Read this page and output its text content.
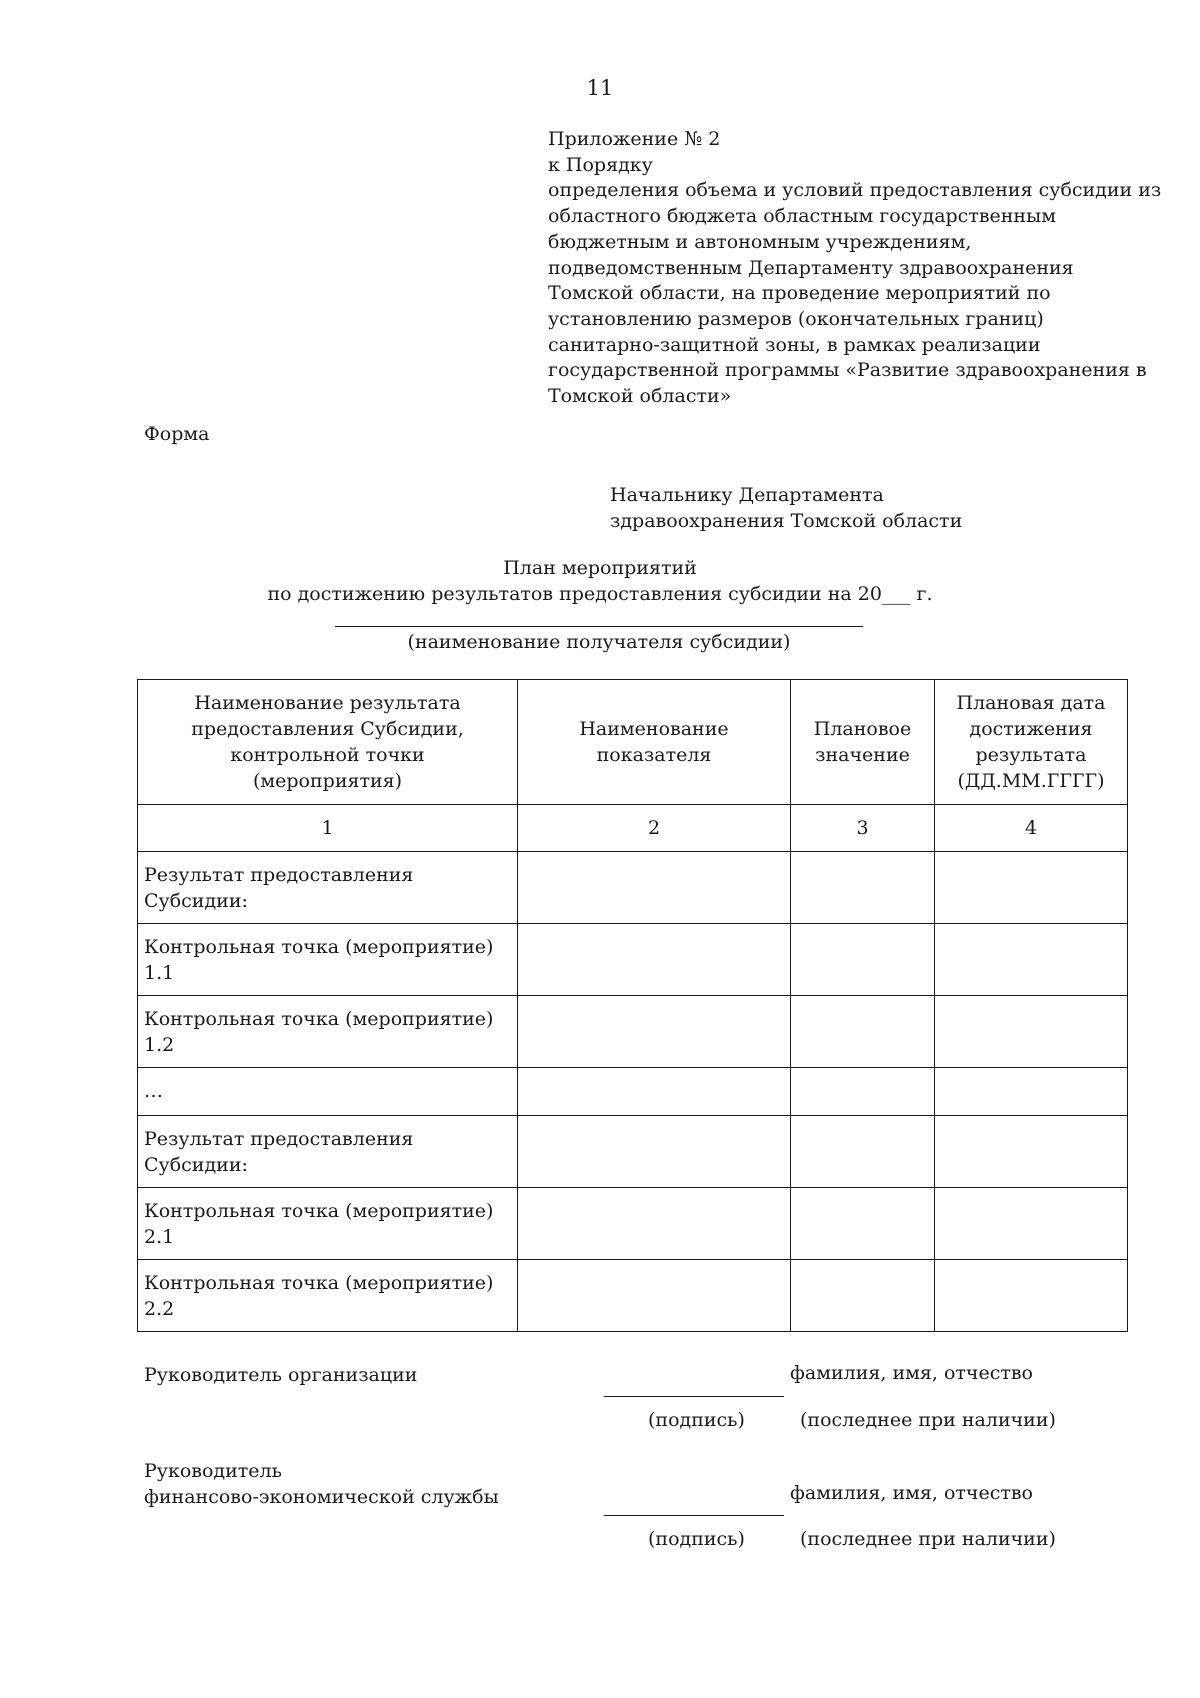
11
Приложение № 2
к Порядку
определения объема и условий предоставления субсидии из
областного бюджета областным государственным
бюджетным и автономным учреждениям,
подведомственным Департаменту здравоохранения
Томской области, на проведение мероприятий по
установлению размеров (окончательных границ)
санитарно-защитной зоны, в рамках реализации
государственной программы «Развитие здравоохранения в
Томской области»
Форма
Начальнику Департамента
здравоохранения Томской области
План мероприятий
по достижению результатов предоставления субсидии на 20___ г.
(наименование получателя субсидии)
Наименование результата предоставления Субсидии, контрольной точки (мероприятия)	Наименование показателя	Плановое значение	Плановая дата достижения результата (ДД.ММ.ГГГГ)
1	2	3	4
Результат предоставления Субсидии:			
Контрольная точка (мероприятие) 1.1			
Контрольная точка (мероприятие) 1.2			
…			
Результат предоставления Субсидии:			
Контрольная точка (мероприятие) 2.1			
Контрольная точка (мероприятие) 2.2			
Руководитель организации	фамилия, имя, отчество
(подпись)	(последнее при наличии)
Руководитель
финансово-экономической службы	фамилия, имя, отчество
(подпись)	(последнее при наличии)
